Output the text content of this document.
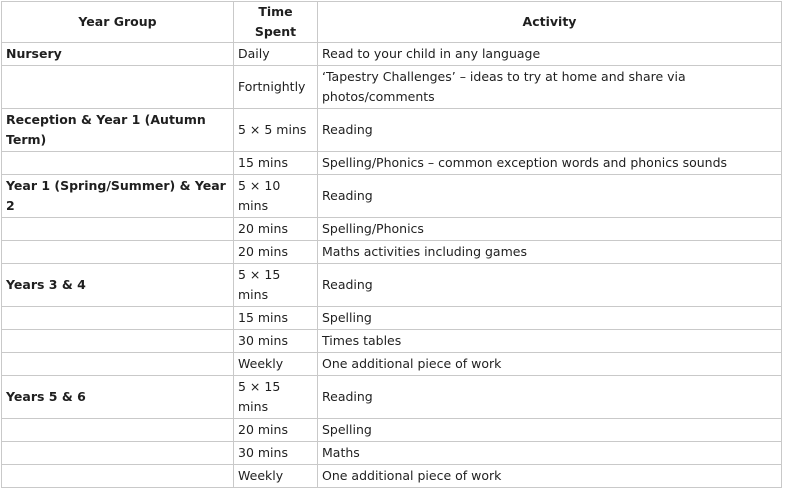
Year Group	Time Spent	Activity
Nursery	Daily	Read to your child in any language
	Fortnightly	‘Tapestry Challenges’ – ideas to try at home and share via photos/comments
Reception & Year 1 (Autumn Term)	5 × 5 mins	Reading
	15 mins	Spelling/Phonics – common exception words and phonics sounds
Year 1 (Spring/Summer) & Year 2	5 × 10 mins	Reading
	20 mins	Spelling/Phonics
	20 mins	Maths activities including games
Years 3 & 4	5 × 15 mins	Reading
	15 mins	Spelling
	30 mins	Times tables
	Weekly	One additional piece of work
Years 5 & 6	5 × 15 mins	Reading
	20 mins	Spelling
	30 mins	Maths
	Weekly	One additional piece of work
